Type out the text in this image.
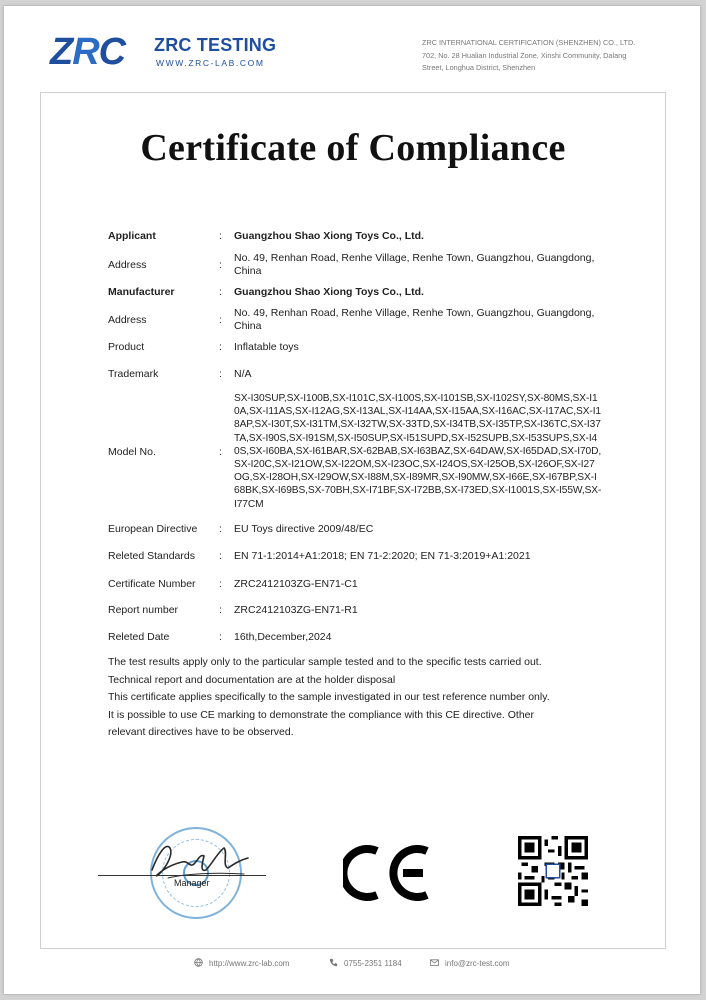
ZRC ZRC TESTING
WWW.ZRC-LAB.COM
ZRC INTERNATIONAL CERTIFICATION (SHENZHEN) CO., LTD.
702, No. 28 Hualian Industrial Zone, Xinshi Community, Dalang
Street, Longhua District, Shenzhen
Certificate of Compliance
Applicant	: Guangzhou Shao Xiong Toys Co., Ltd.
Address	:
No. 49, Renhan Road, Renhe Village, Renhe Town, Guangzhou, Guangdong, China
Manufacturer	: Guangzhou Shao Xiong Toys Co., Ltd.
Address	:
No. 49, Renhan Road, Renhe Village, Renhe Town, Guangzhou, Guangdong, China
Product	: Inflatable toys
Trademark	: N/A
Model No.	:
SX-I30SUP,SX-I100B,SX-I101C,SX-I100S,SX-I101SB,SX-I102SY,SX-80MS,SX-I10A,SX-I11AS,SX-I12AG,SX-I13AL,SX-I14AA,SX-I15AA,SX-I16AC,SX-I17AC,SX-I18AP,SX-I30T,SX-I31TM,SX-I32TW,SX-33TD,SX-I34TB,SX-I35TP,SX-I36TC,SX-I37TA,SX-I90S,SX-I91SM,SX-I50SUP,SX-I51SUPD,SX-I52SUPB,SX-I53SUPS,SX-I40S,SX-I60BA,SX-I61BAR,SX-62BAB,SX-I63BAZ,SX-64DAW,SX-I65DAD,SX-I70D,SX-I20C,SX-I21OW,SX-I22OM,SX-I23OC,SX-I24OS,SX-I25OB,SX-I26OF,SX-I27OG,SX-I28OH,SX-I29OW,SX-I88M,SX-I89MR,SX-I90MW,SX-I66E,SX-I67BP,SX-I68BK,SX-I69BS,SX-70BH,SX-I71BF,SX-I72BB,SX-I73ED,SX-I1001S,SX-I55W,SX-I77CM
European Directive : EU Toys directive 2009/48/EC
Releted Standards : EN 71-1:2014+A1:2018; EN 71-2:2020; EN 71-3:2019+A1:2021
Certificate Number : ZRC2412103ZG-EN71-C1
Report number	: ZRC2412103ZG-EN71-R1
Releted Date	: 16th,December,2024

The test results apply only to the particular sample tested and to the specific tests carried out.

Technical report and documentation are at the holder disposal

This certificate applies specifically to the sample investigated in our test reference number only.

It is possible to use CE marking to demonstrate the compliance with this CE directive. Other

relevant directives have to be observed.

Manager
http://www.zrc-lab.com	0755-2351 1184	info@zrc-test.com
